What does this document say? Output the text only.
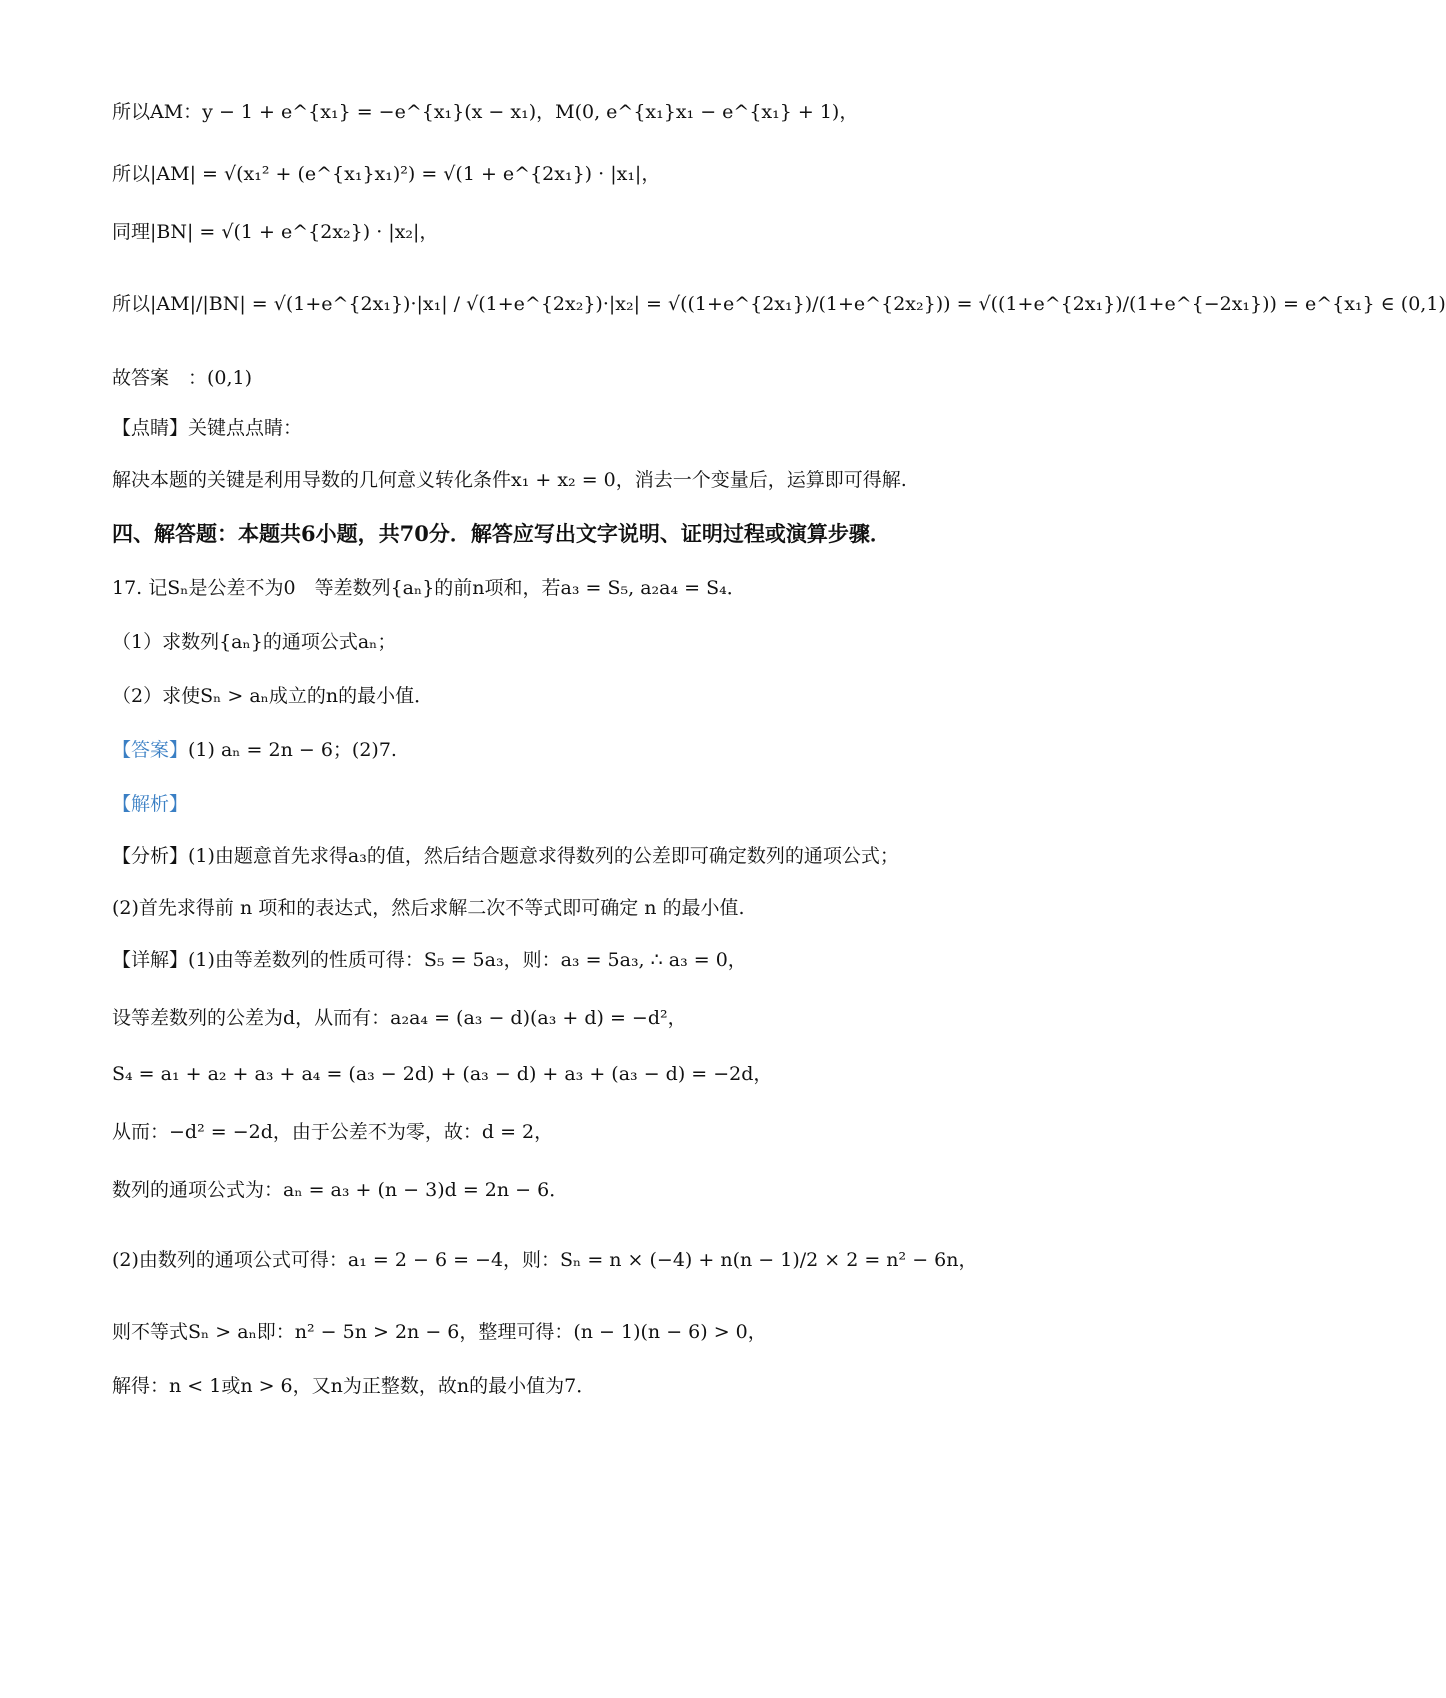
所以AM：y − 1 + e^{x₁} = −e^{x₁}(x − x₁)，M(0, e^{x₁}x₁ − e^{x₁} + 1)，
所以|AM| = √(x₁² + (e^{x₁}x₁)²) = √(1 + e^{2x₁}) · |x₁|，
同理|BN| = √(1 + e^{2x₂}) · |x₂|，
所以|AM|/|BN| = √(1+e^{2x₁})·|x₁| / √(1+e^{2x₂})·|x₂| = √((1+e^{2x₁})/(1+e^{2x₂})) = √((1+e^{2x₁})/(1+e^{−2x₁})) = e^{x₁} ∈ (0,1)
故答案　：(0,1)
【点睛】关键点点睛：
解决本题的关键是利用导数的几何意义转化条件x₁ + x₂ = 0，消去一个变量后，运算即可得解.
四、解答题：本题共6小题，共70分．解答应写出文字说明、证明过程或演算步骤．
17. 记Sₙ是公差不为0　等差数列{aₙ}的前n项和，若a₃ = S₅, a₂a₄ = S₄．
（1）求数列{aₙ}的通项公式aₙ；
（2）求使Sₙ > aₙ成立的n的最小值．
【答案】(1) aₙ = 2n − 6；(2)7.
【解析】
【分析】(1)由题意首先求得a₃的值，然后结合题意求得数列的公差即可确定数列的通项公式；
(2)首先求得前 n 项和的表达式，然后求解二次不等式即可确定 n 的最小值.
【详解】(1)由等差数列的性质可得：S₅ = 5a₃，则：a₃ = 5a₃, ∴ a₃ = 0，
设等差数列的公差为d，从而有：a₂a₄ = (a₃ − d)(a₃ + d) = −d²，
S₄ = a₁ + a₂ + a₃ + a₄ = (a₃ − 2d) + (a₃ − d) + a₃ + (a₃ − d) = −2d，
从而：−d² = −2d，由于公差不为零，故：d = 2，
数列的通项公式为：aₙ = a₃ + (n − 3)d = 2n − 6．
(2)由数列的通项公式可得：a₁ = 2 − 6 = −4，则：Sₙ = n × (−4) + n(n − 1)/2 × 2 = n² − 6n，
则不等式Sₙ > aₙ即：n² − 5n > 2n − 6，整理可得：(n − 1)(n − 6) > 0，
解得：n < 1或n > 6，又n为正整数，故n的最小值为7．
